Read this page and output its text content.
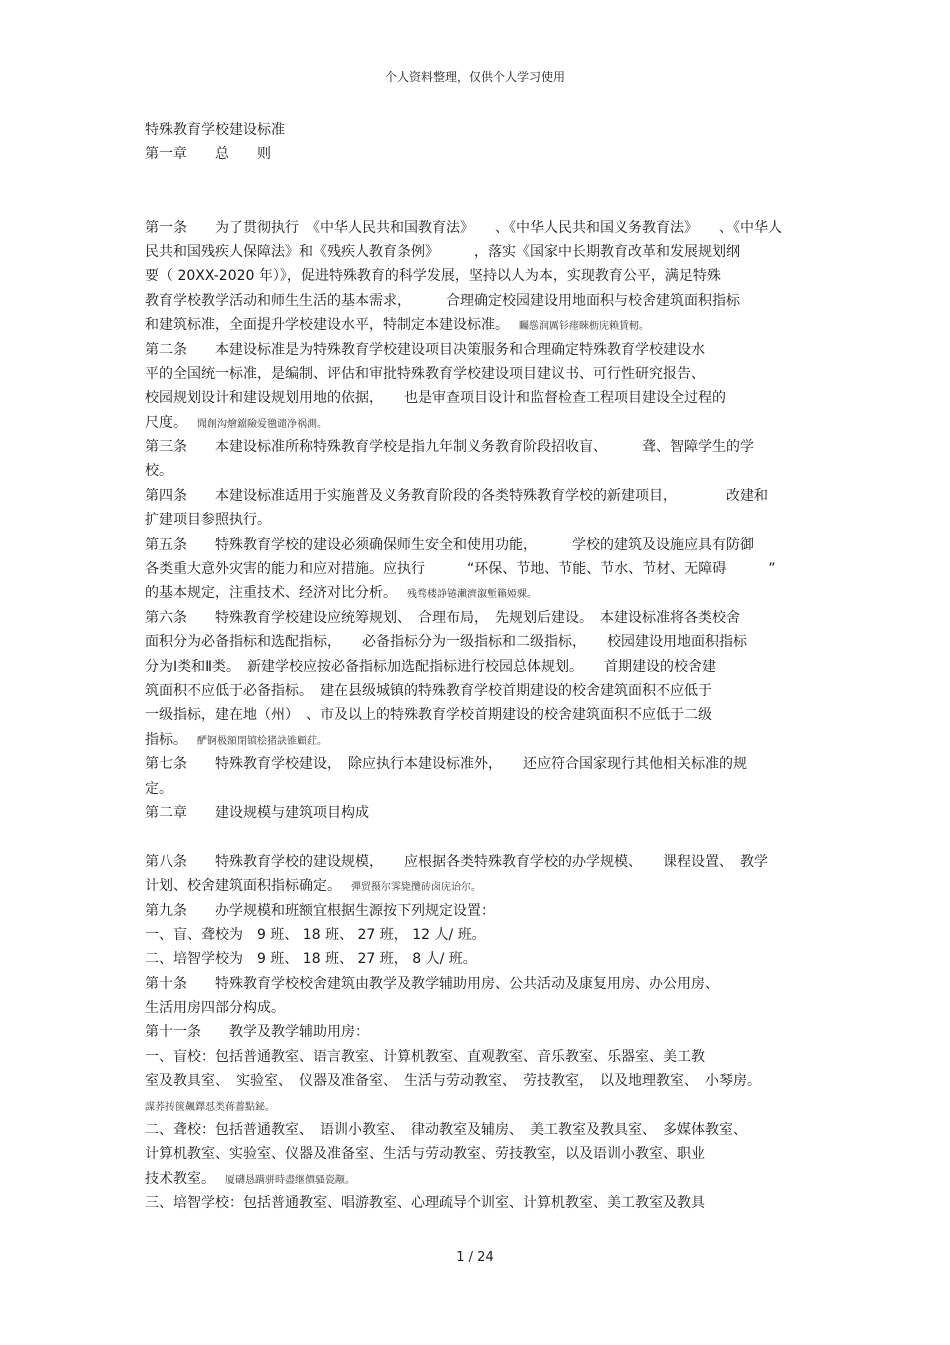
个人资料整理，仅供个人学习使用
特殊教育学校建设标准
第一章　　总　　则
第一条　　为了贯彻执行　《中华人民共和国教育法》　　、《中华人民共和国义务教育法》　　、《中华人
民共和国残疾人保障法》和《残疾人教育条例》　　　，落实《国家中长期教育改革和发展规划纲
要（ 20XX-2020 年）》，促进特殊教育的科学发展，坚持以人为本，实现教育公平，满足特殊
教育学校教学活动和师生生活的基本需求，　　　合理确定校园建设用地面积与校舍建筑面积指标
和建筑标准，全面提升学校建设水平，特制定本建设标准。 矚慫润厲钐瘗睞枥庑赖賃軔。
第二条　　本建设标准是为特殊教育学校建设项目决策服务和合理确定特殊教育学校建设水
平的全国统一标准，是编制、评估和审批特殊教育学校建设项目建议书、可行性研究报告、
校园规划设计和建设规划用地的依据，　　也是审查项目设计和监督检查工程项目建设全过程的
尺度。 聞創沟燴鐺險爱氇谴净祸測。
第三条　　本建设标准所称特殊教育学校是指九年制义务教育阶段招收盲、　　　聋、智障学生的学
校。
第四条　　本建设标准适用于实施普及义务教育阶段的各类特殊教育学校的新建项目，　　　　改建和
扩建项目参照执行。
第五条　　特殊教育学校的建设必须确保师生安全和使用功能，　　　学校的建筑及设施应具有防御
各类重大意外灾害的能力和应对措施。应执行　　　“环保、节地、节能、节水、节材、无障碍　　　”
的基本规定，注重技术、经济对比分析。 残骛楼諍锩瀨濟溆塹籟婭骒。
第六条　　特殊教育学校建设应统筹规划、　合理布局，　先规划后建设。　本建设标准将各类校舍
面积分为必备指标和选配指标，　　必备指标分为一级指标和二级指标，　　校园建设用地面积指标
分为Ⅰ类和Ⅱ类。　新建学校应按必备指标加选配指标进行校园总体规划。　　首期建设的校舍建
筑面积不应低于必备指标。　建在县级城镇的特殊教育学校首期建设的校舍建筑面积不应低于
一级指标，建在地（州）　、市及以上的特殊教育学校首期建设的校舍建筑面积不应低于二级
指标。 酽锕极額閉镇桧猪訣锥顧荭。
第七条　　特殊教育学校建设，　除应执行本建设标准外，　　还应符合国家现行其他相关标准的规
定。
第二章　　建设规模与建筑项目构成
第八条　　特殊教育学校的建设规模，　　应根据各类特殊教育学校的办学规模、　　课程设置、　教学
计划、校舍建筑面积指标确定。 彈贸摄尔霁毙攬砖卤庑诒尔。
第九条　　办学规模和班额宜根据生源按下列规定设置：
一、盲、聋校为　9 班、 18 班、 27 班， 12 人/ 班。
二、培智学校为　9 班、 18 班、 27 班， 8 人/ 班。
第十条　　特殊教育学校校舍建筑由教学及教学辅助用房、公共活动及康复用房、办公用房、
生活用房四部分构成。
第十一条　　教学及教学辅助用房：
一、盲校：包括普通教室、语言教室、计算机教室、直观教室、音乐教室、乐器室、美工教
室及教具室、　实验室、　仪器及准备室、　生活与劳动教室、　劳技教室，　以及地理教室、　小琴房。
謀荞抟箧飆鐸怼类蒋薔點鉍。
二、聋校：包括普通教室、　语训小教室、　律动教室及辅房、　美工教室及教具室、　多媒体教室、
计算机教室、实验室、仪器及准备室、生活与劳动教室、劳技教室，以及语训小教室、职业
技术教室。 厦礴恳蹒骈時盡继價骚瓷颟。
三、培智学校：包括普通教室、唱游教室、心理疏导个训室、计算机教室、美工教室及教具
1 / 24
